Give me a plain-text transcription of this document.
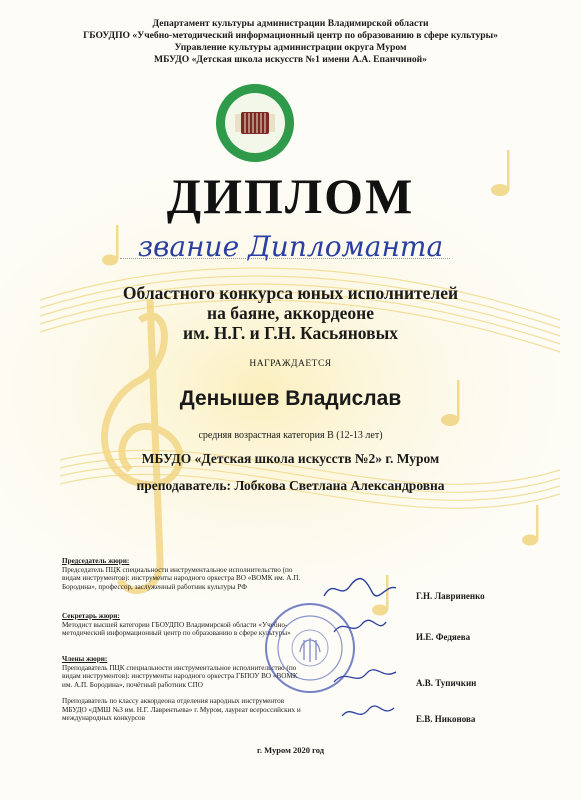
Департамент культуры администрации Владимирской области
ГБОУДПО «Учебно-методический информационный центр по образованию в сфере культуры»
Управление культуры администрации округа Муром
МБУДО «Детская школа искусств №1 имени А.А. Епанчиной»
ДИПЛОМ
звание Дипломанта
Областного конкурса юных исполнителей
на баяне, аккордеоне
им. Н.Г. и Г.Н. Касьяновых
НАГРАЖДАЕТСЯ
Денышев Владислав
средняя возрастная категория В (12-13 лет)
МБУДО «Детская школа искусств №2» г. Муром
преподаватель: Лобкова Светлана Александровна
Председатель жюри:
Председатель ПЦК специальности инструментальное исполнительство (по видам инструментов): инструменты народного оркестра ВО «ВОМК им. А.П. Бородина», профессор, заслуженный работник культуры РФ
Г.Н. Лавриненко
Секретарь жюри:
Методист высшей категории ГБОУДПО Владимирской области «Учебно-методический информационный центр по образованию в сфере культуры»	И.Е. Федяева
Члены жюри:
Преподаватель ПЦК специальности инструментальное исполнительство (по видам инструментов): инструменты народного оркестра ГБПОУ ВО «ВОМК им. А.П. Бородина», почётный работник СПО	А.В. Тупичкин
Преподаватель по классу аккордеона отделения народных инструментов МБУДО «ДМШ №3 им. Н.Г. Лаврентьева» г. Муром, лауреат всероссийских и международных конкурсов	Е.В. Никонова
г. Муром 2020 год
